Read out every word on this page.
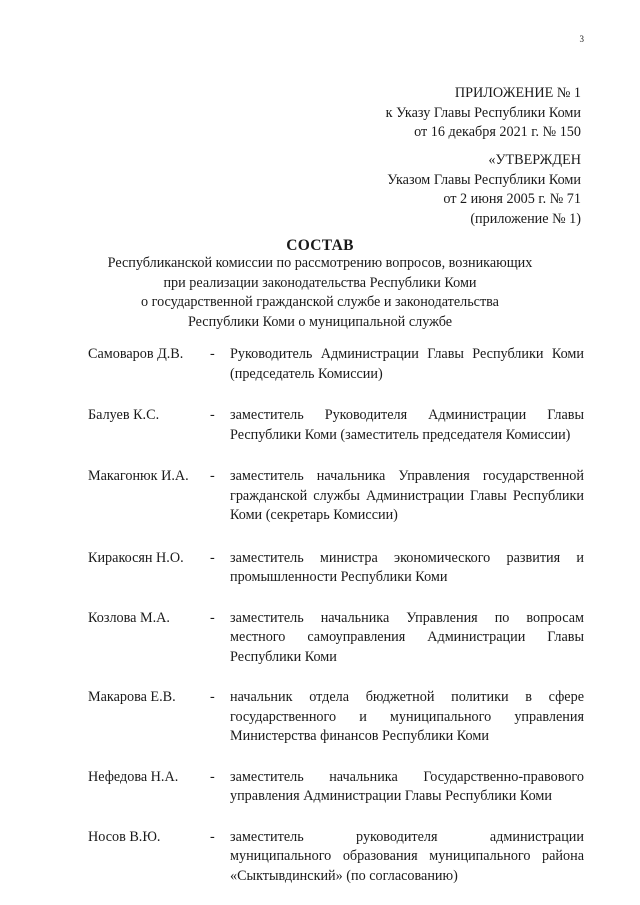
3
ПРИЛОЖЕНИЕ № 1
к Указу Главы Республики Коми
от 16 декабря 2021 г. № 150
«УТВЕРЖДЕН
Указом Главы Республики Коми
от 2 июня 2005 г. № 71
(приложение № 1)
СОСТАВ
Республиканской комиссии по рассмотрению вопросов, возникающих
при реализации законодательства Республики Коми
о государственной гражданской службе и законодательства
Республики Коми о муниципальной службе
Самоваров Д.В. - Руководитель Администрации Главы Республики Коми (председатель Комиссии)
Балуев К.С.	- заместитель Руководителя Администрации Главы Республики Коми (заместитель председателя Комиссии)
Макагонюк И.А. - заместитель начальника Управления государственной гражданской службы Администрации Главы Республики Коми (секретарь Комиссии)
Киракосян Н.О. - заместитель министра экономического развития и промышленности Республики Коми
Козлова М.А.	- заместитель начальника Управления по вопросам местного самоуправления Администрации Главы Республики Коми
Макарова Е.В. - начальник отдела бюджетной политики в сфере государственного и муниципального управления Министерства финансов Республики Коми
Нефедова Н.А. - заместитель начальника Государственно-правового управления Администрации Главы Республики Коми
Носов В.Ю.	- заместитель руководителя администрации муниципального образования муниципального района «Сыктывдинский» (по согласованию)
